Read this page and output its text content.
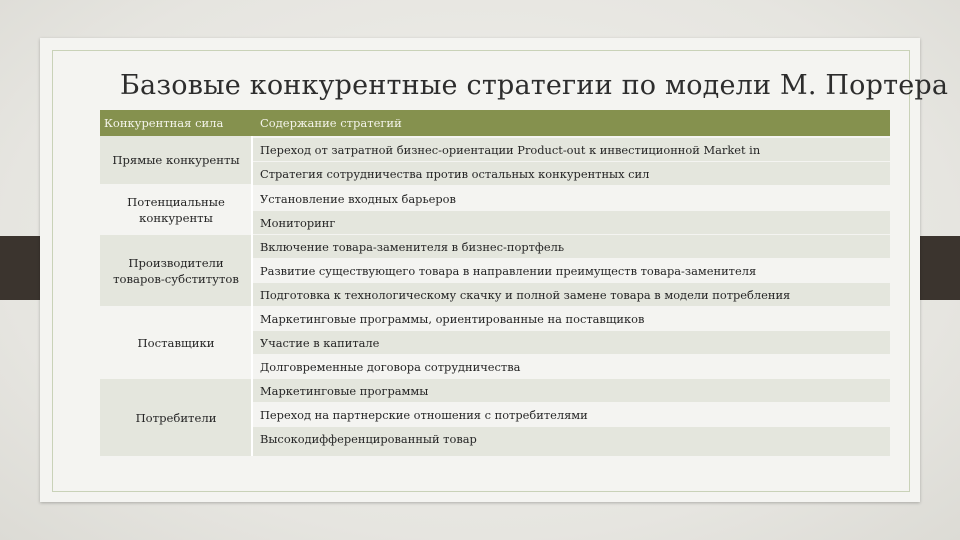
Базовые конкурентные стратегии по модели М. Портера
Конкурентная сила	Содержание стратегий
Прямые конкуренты
Переход от затратной бизнес-ориентации Product-out к инвестиционной Market in
Стратегия сотрудничества против остальных конкурентных сил
Потенциальные конкуренты
Установление входных барьеров
Мониторинг
Производители товаров-субститутов
Включение товара-заменителя в бизнес-портфель
Развитие существующего товара в направлении преимуществ товара-заменителя
Подготовка к технологическому скачку и полной замене товара в модели потребления
Поставщики
Маркетинговые программы, ориентированные на поставщиков
Участие в капитале
Долговременные договора сотрудничества
Потребители
Маркетинговые программы
Переход на партнерские отношения с потребителями
Высокодифференцированный товар
